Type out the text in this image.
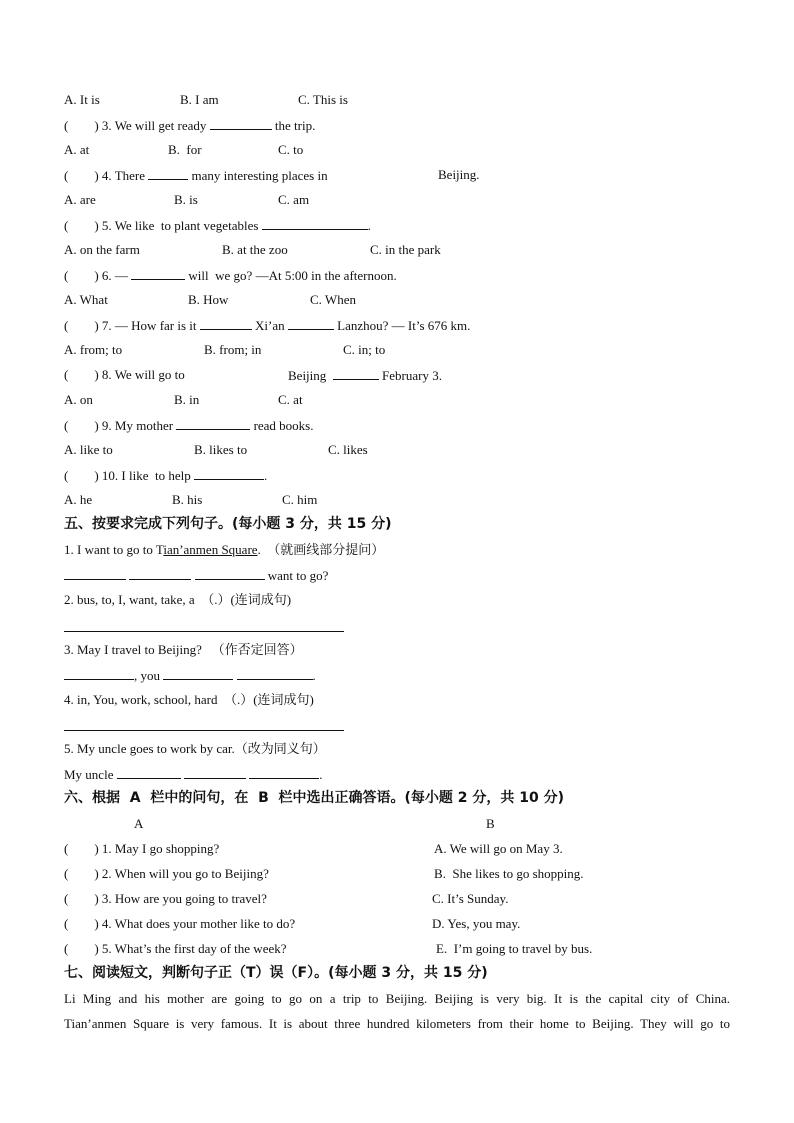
A. It is	B. I am	C. This is
(        ) 3. We will get ready	the trip.
A. at	B.  for	C. to
(        ) 4. There	many interesting places in	Beijing.
A. are	B. is	C. am
(        ) 5. We like  to plant vegetables	.
A. on the farm	B. at the zoo	C. in the park
(        ) 6. —	will  we go? —At 5:00 in the afternoon.
A. What	B. How	C. When
(        ) 7. — How far is it	Xi’an	Lanzhou? — It’s 676 km.
A. from; to	B. from; in	C. in; to
(        ) 8. We will go to	Beijing	February 3.
A. on	B. in	C. at
(        ) 9. My mother	read books.
A. like to	B. likes to	C. likes
(        ) 10. I like  to help	.
A. he	B. his	C. him
五、按要求完成下列句子。(每小题 3 分，共 15 分)
1. I want to go to Tian’anmen Square.  （就画线部分提问）
want to go?
2. bus, to, I, want, take, a  （.）(连词成句)
3. May I travel to Beijing?   （作否定回答）
, you	.
4. in, You, work, school, hard  （.）(连词成句)
5. My uncle goes to work by car.（改为同义句）
My uncle	.
六、根据  A  栏中的问句，在  B  栏中选出正确答语。(每小题 2 分，共 10 分)
A	B
(        ) 1. May I go shopping?	A. We will go on May 3.
(        ) 2. When will you go to Beijing?	B.  She likes to go shopping.
(        ) 3. How are you going to travel?	C. It’s Sunday.
(        ) 4. What does your mother like to do?	D. Yes, you may.
(        ) 5. What’s the first day of the week?	E.  I’m going to travel by bus.
七、阅读短文，判断句子正（T）误（F）。(每小题 3 分，共 15 分)
Li Ming and his mother are going to go on a trip to Beijing. Beijing is very big. It is the capital city of China.
Tian’anmen Square is very famous. It is about three hundred kilometers from their home to Beijing. They will go to
